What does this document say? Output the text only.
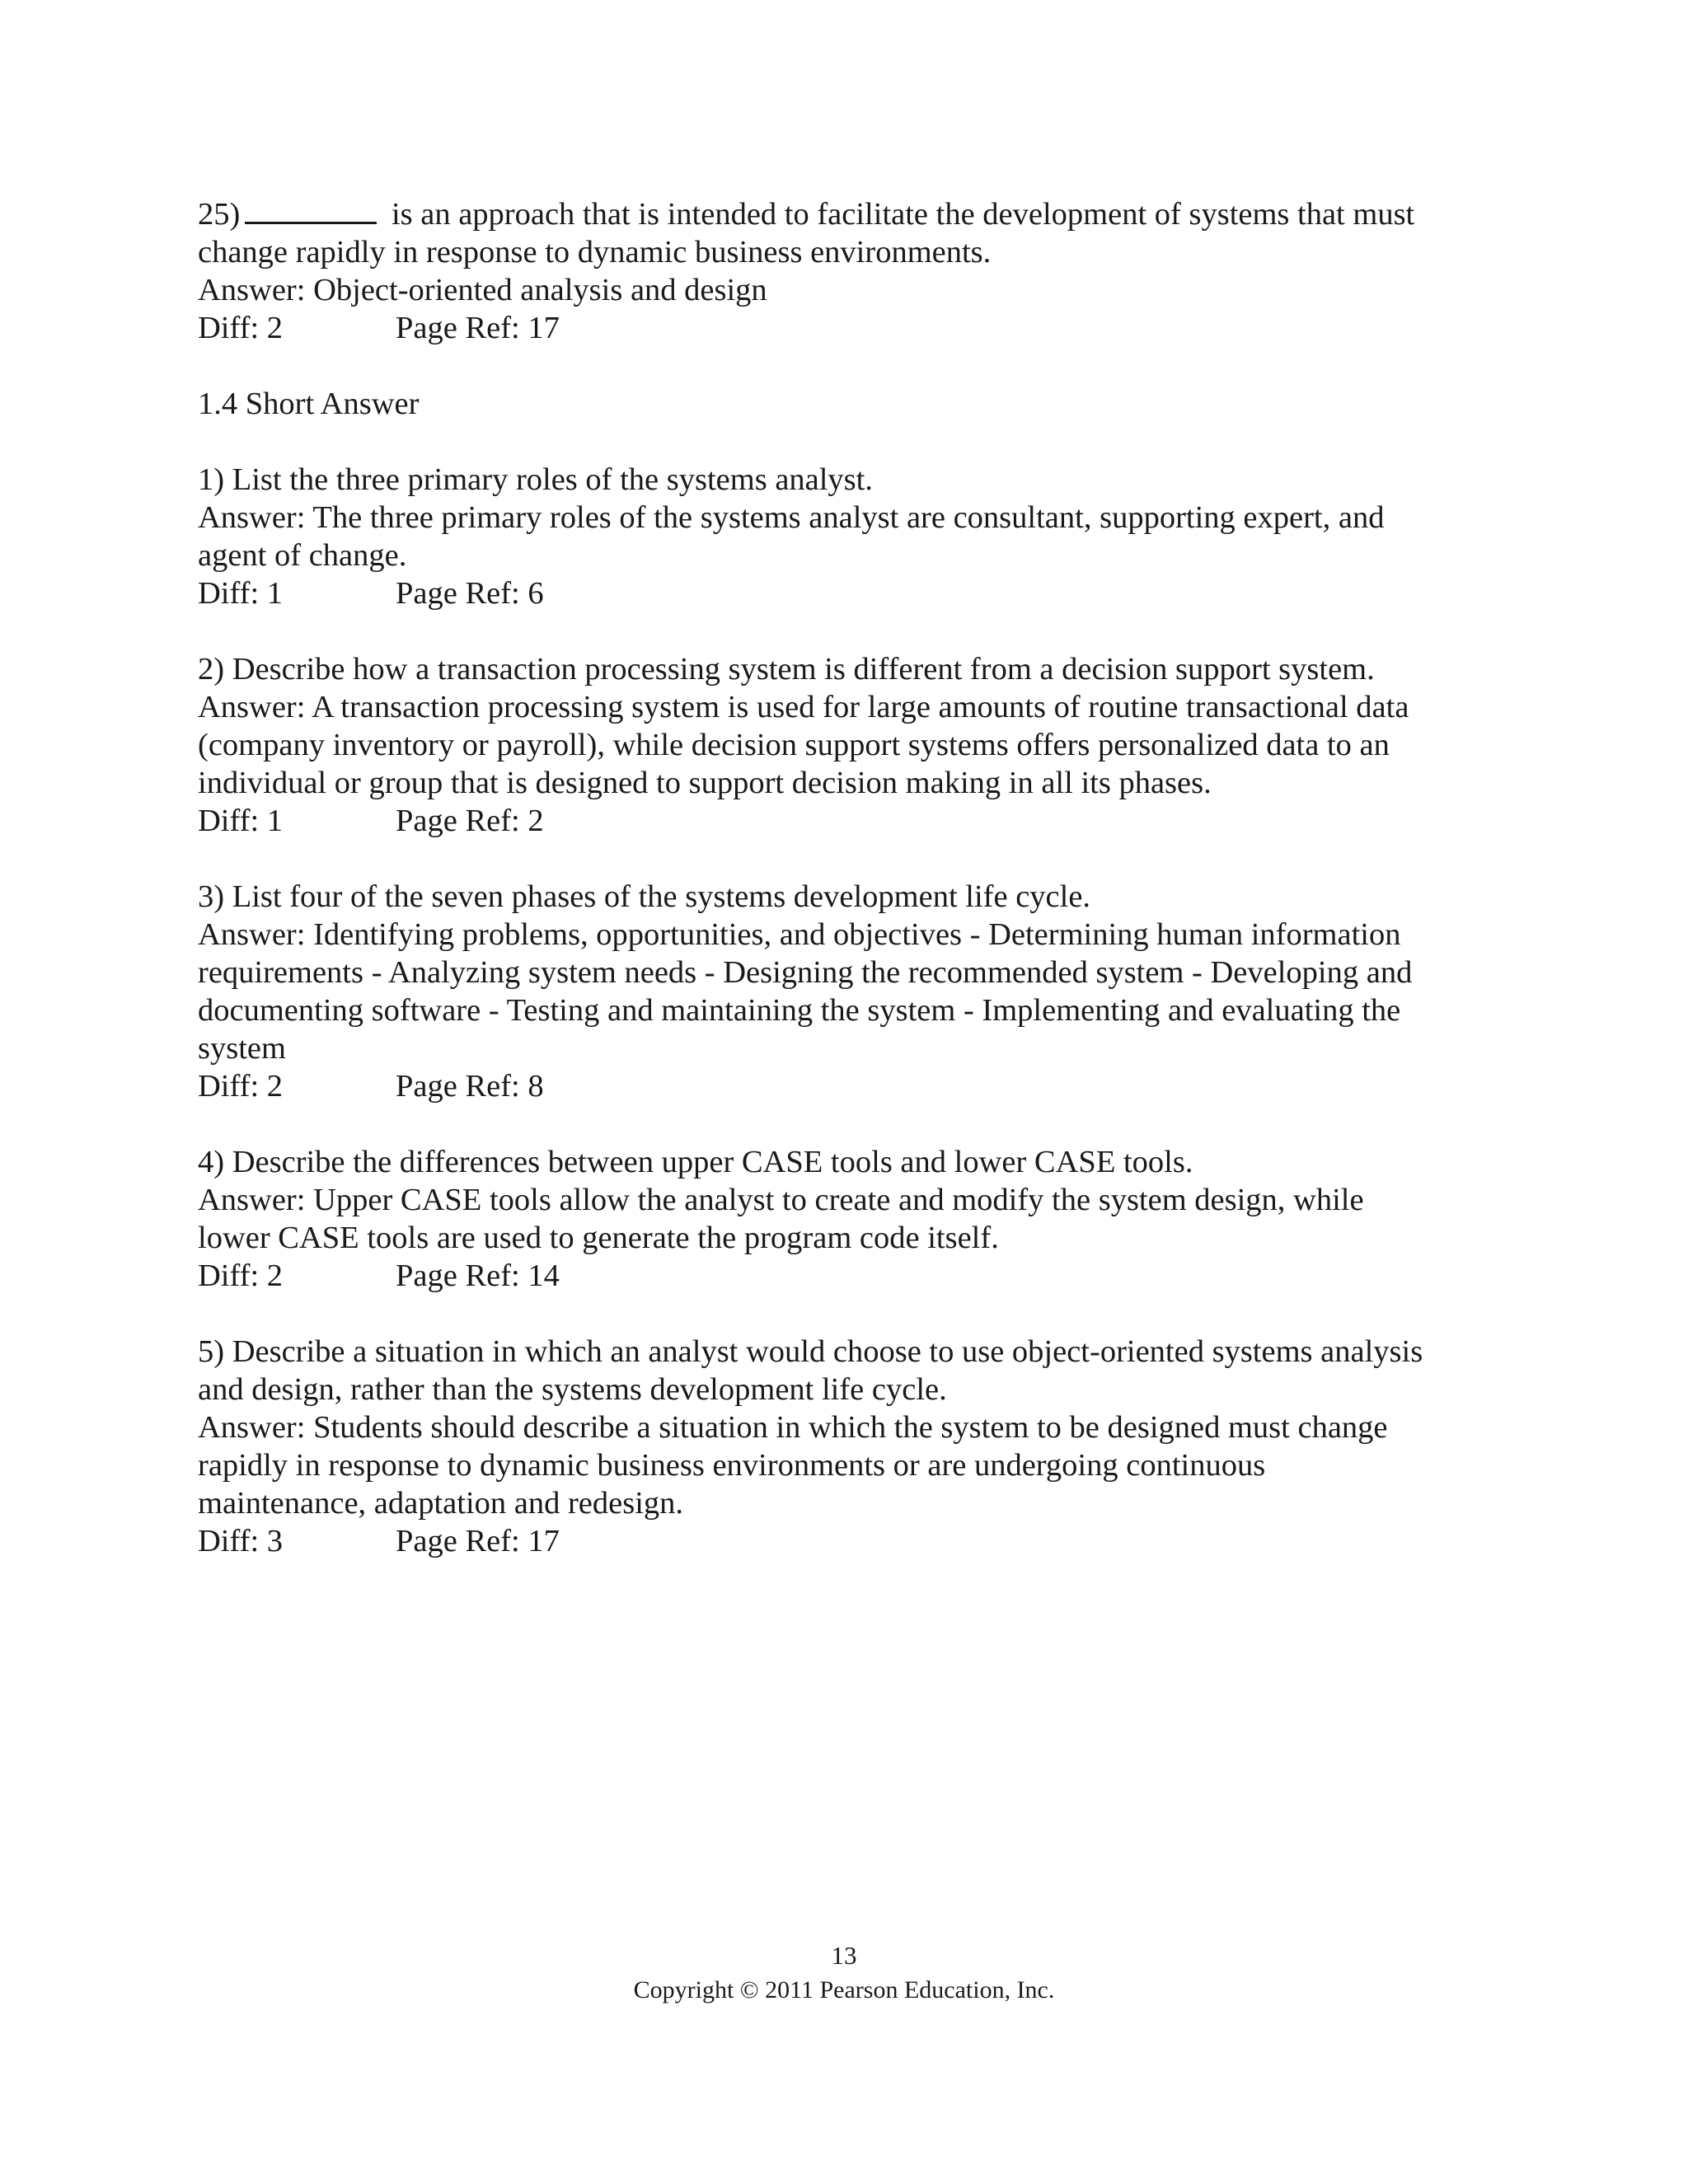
25)	is an approach that is intended to facilitate the development of systems that must
change rapidly in response to dynamic business environments.
Answer: Object-oriented analysis and design
Diff: 2	Page Ref: 17
1.4 Short Answer
1) List the three primary roles of the systems analyst.
Answer: The three primary roles of the systems analyst are consultant, supporting expert, and
agent of change.
Diff: 1	Page Ref: 6
2) Describe how a transaction processing system is different from a decision support system.
Answer: A transaction processing system is used for large amounts of routine transactional data
(company inventory or payroll), while decision support systems offers personalized data to an
individual or group that is designed to support decision making in all its phases.
Diff: 1	Page Ref: 2
3) List four of the seven phases of the systems development life cycle.
Answer: Identifying problems, opportunities, and objectives - Determining human information
requirements - Analyzing system needs - Designing the recommended system - Developing and
documenting software - Testing and maintaining the system - Implementing and evaluating the
system
Diff: 2	Page Ref: 8
4) Describe the differences between upper CASE tools and lower CASE tools.
Answer: Upper CASE tools allow the analyst to create and modify the system design, while
lower CASE tools are used to generate the program code itself.
Diff: 2	Page Ref: 14
5) Describe a situation in which an analyst would choose to use object-oriented systems analysis
and design, rather than the systems development life cycle.
Answer: Students should describe a situation in which the system to be designed must change
rapidly in response to dynamic business environments or are undergoing continuous
maintenance, adaptation and redesign.
Diff: 3	Page Ref: 17
13
Copyright © 2011 Pearson Education, Inc.
